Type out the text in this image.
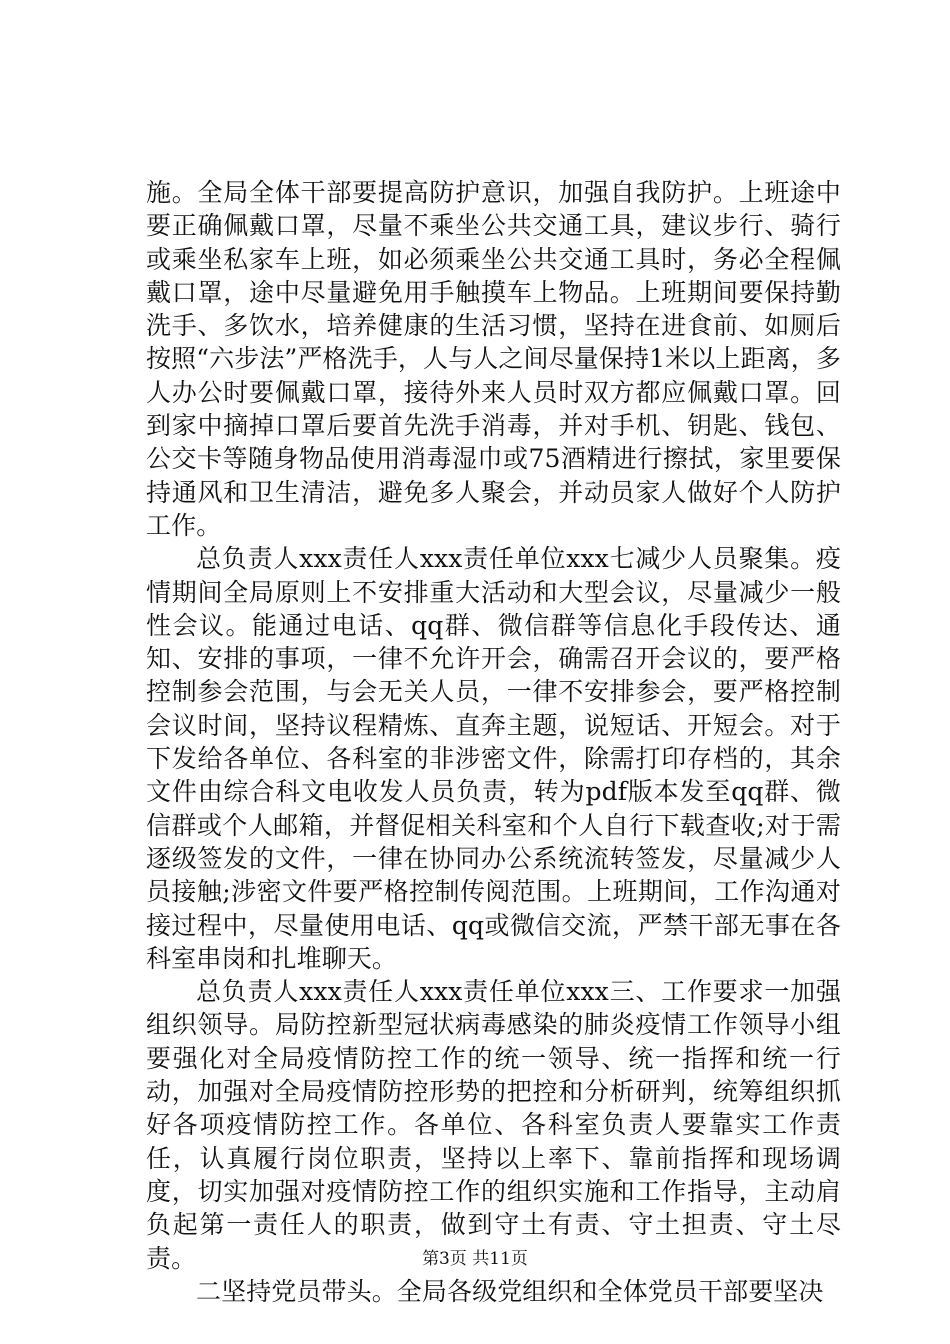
施。全局全体干部要提高防护意识，加强自我防护。上班途中要正确佩戴口罩，尽量不乘坐公共交通工具，建议步行、骑行或乘坐私家车上班，如必须乘坐公共交通工具时，务必全程佩戴口罩，途中尽量避免用手触摸车上物品。上班期间要保持勤洗手、多饮水，培养健康的生活习惯，坚持在进食前、如厕后按照“六步法”严格洗手，人与人之间尽量保持1米以上距离，多人办公时要佩戴口罩，接待外来人员时双方都应佩戴口罩。回到家中摘掉口罩后要首先洗手消毒，并对手机、钥匙、钱包、公交卡等随身物品使用消毒湿巾或75酒精进行擦拭，家里要保持通风和卫生清洁，避免多人聚会，并动员家人做好个人防护工作。

总负责人xxx责任人xxx责任单位xxx七减少人员聚集。疫情期间全局原则上不安排重大活动和大型会议，尽量减少一般性会议。能通过电话、qq群、微信群等信息化手段传达、通知、安排的事项，一律不允许开会，确需召开会议的，要严格控制参会范围，与会无关人员，一律不安排参会，要严格控制会议时间，坚持议程精炼、直奔主题，说短话、开短会。对于下发给各单位、各科室的非涉密文件，除需打印存档的，其余文件由综合科文电收发人员负责，转为pdf版本发至qq群、微信群或个人邮箱，并督促相关科室和个人自行下载查收;对于需逐级签发的文件，一律在协同办公系统流转签发，尽量减少人员接触;涉密文件要严格控制传阅范围。上班期间，工作沟通对接过程中，尽量使用电话、qq或微信交流，严禁干部无事在各科室串岗和扎堆聊天。

总负责人xxx责任人xxx责任单位xxx三、工作要求一加强组织领导。局防控新型冠状病毒感染的肺炎疫情工作领导小组要强化对全局疫情防控工作的统一领导、统一指挥和统一行动，加强对全局疫情防控形势的把控和分析研判，统筹组织抓好各项疫情防控工作。各单位、各科室负责人要靠实工作责任，认真履行岗位职责，坚持以上率下、靠前指挥和现场调度，切实加强对疫情防控工作的组织实施和工作指导，主动肩负起第一责任人的职责，做到守土有责、守土担责、守土尽责。

二坚持党员带头。全局各级党组织和全体党员干部要坚决

第3页 共11页
